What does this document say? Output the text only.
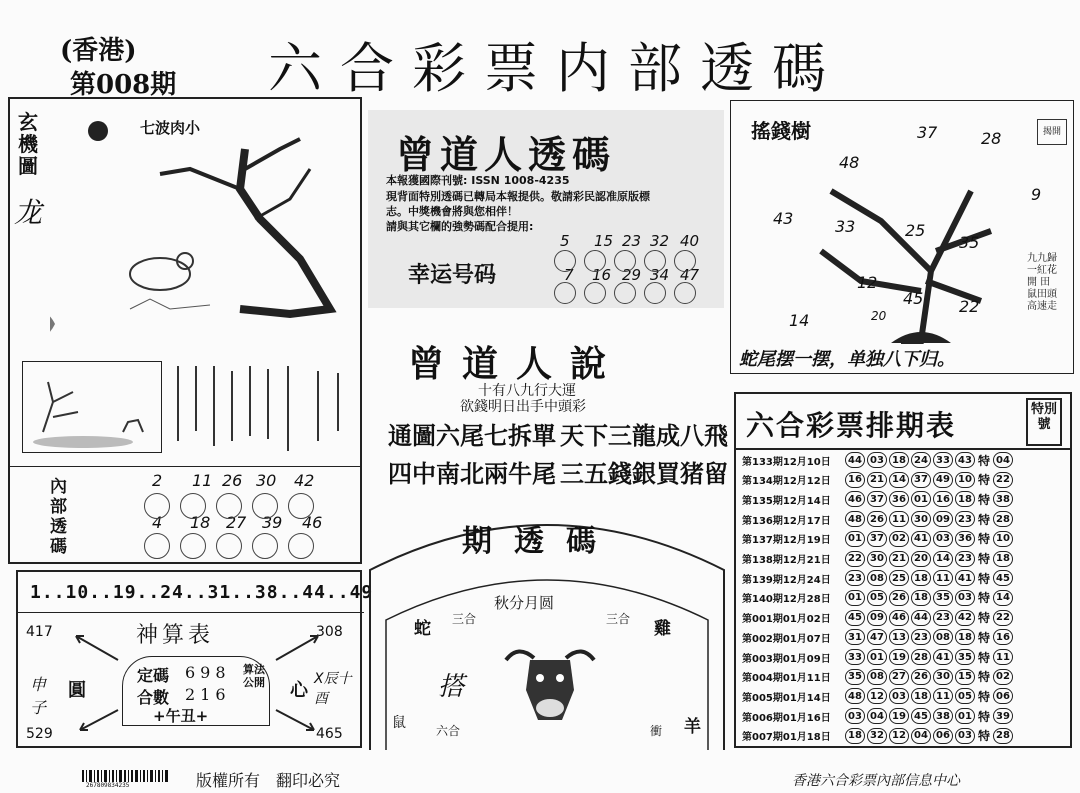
(香港)
第008期 六合彩票内部透碼
玄機圖
龙
七波肉小
內部透碼
2 11 26 30 42
4 18 27 39 46
1..10..19..24..31..38..44..49
417	308
529	465
神算表
申子
圓	心
X辰十酉
定碼 698
合數 216
算法公開
+午丑+
曾道人透碼
本報獲國際刊號: ISSN 1008-4235
現背面特別透碼已轉局本報提供。敬請彩民認准原版標
志。中獎機會將與您相伴！
請與其它欄的強勢碼配合提用:
幸运号码
5 15 23 32 40
7 16 29 34 47
曾道人說
十有八九行大運
欲錢明日出手中頭彩
通圖六尾七拆單 天下三龍成八飛
四中南北兩牛尾 三五錢銀買猪留
期透碼
秋分月圆
三合	三合
蛇	雞
搭
鼠	六合	衝 羊
搖錢樹	37	28
48
9
43	33	25
35
12
45 22
14	20
蛇尾摆一摆，单独八下归。
九九歸一紅花開 田鼠田頭高速走
揭開
六合彩票排期表	特別號
第133期12月10日	44 03 18 24 33 43 特 04
第134期12月12日	16 21 14 37 49 10 特 22
第135期12月14日	46 37 36 01 16 18 特 38
第136期12月17日	48 26 11 30 09 23 特 28
第137期12月19日	01 37 02 41 03 36 特 10
第138期12月21日	22 30 21 20 14 23 特 18
第139期12月24日	23 08 25 18 11 41 特 45
第140期12月28日	01 05 26 18 35 03 特 14
第001期01月02日	45 09 46 44 23 42 特 22
第002期01月07日	31 47 13 23 08 18 特 16
第003期01月09日	33 01 19 28 41 35 特 11
第004期01月11日	35 08 27 26 30 15 特 02
第005期01月14日	48 12 03 18 11 05 特 06
第006期01月16日	03 04 19 45 38 01 特 39
第007期01月18日	18 32 12 04 06 03 特 28
267809834235	版權所有　翻印必究	香港六合彩票內部信息中心
